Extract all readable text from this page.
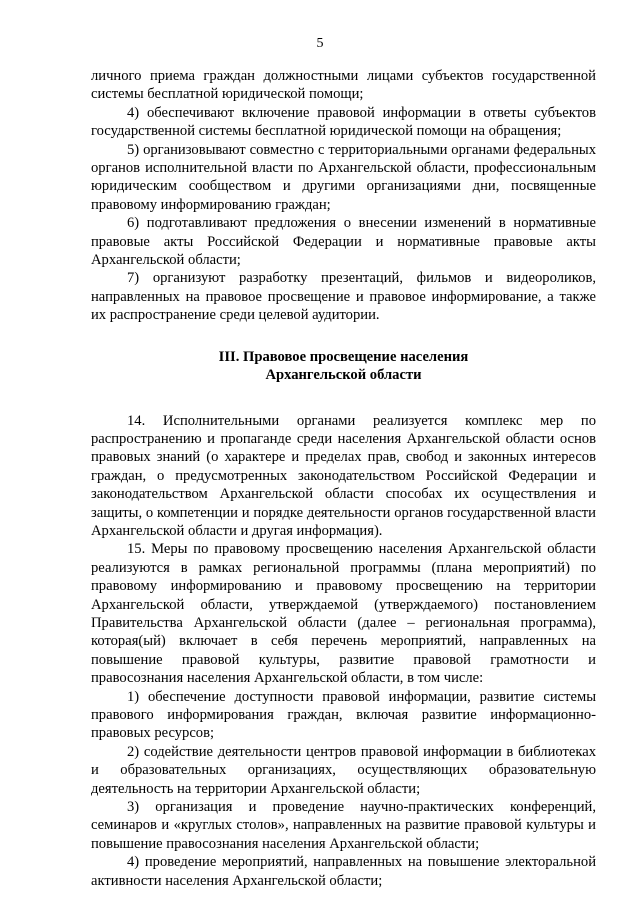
5

личного приема граждан должностными лицами субъектов государственной системы бесплатной юридической помощи;

4) обеспечивают включение правовой информации в ответы субъектов государственной системы бесплатной юридической помощи на обращения;

5) организовывают совместно с территориальными органами федеральных органов исполнительной власти по Архангельской области, профессиональным юридическим сообществом и другими организациями дни, посвященные правовому информированию граждан;

6) подготавливают предложения о внесении изменений в нормативные правовые акты Российской Федерации и нормативные правовые акты Архангельской области;

7) организуют разработку презентаций, фильмов и видеороликов, направленных на правовое просвещение и правовое информирование, а также их распространение среди целевой аудитории.

III. Правовое просвещение населения
Архангельской области

14. Исполнительными органами реализуется комплекс мер по распространению и пропаганде среди населения Архангельской области основ правовых знаний (о характере и пределах прав, свобод и законных интересов граждан, о предусмотренных законодательством Российской Федерации и законодательством Архангельской области способах их осуществления и защиты, о компетенции и порядке деятельности органов государственной власти Архангельской области и другая информация).

15. Меры по правовому просвещению населения Архангельской области реализуются в рамках региональной программы (плана мероприятий) по правовому информированию и правовому просвещению на территории Архангельской области, утверждаемой (утверждаемого) постановлением Правительства Архангельской области (далее – региональная программа), которая(ый) включает в себя перечень мероприятий, направленных на повышение правовой культуры, развитие правовой грамотности и правосознания населения Архангельской области, в том числе:

1) обеспечение доступности правовой информации, развитие системы правового информирования граждан, включая развитие информационно-правовых ресурсов;

2) содействие деятельности центров правовой информации в библиотеках и образовательных организациях, осуществляющих образовательную деятельность на территории Архангельской области;

3) организация и проведение научно-практических конференций, семинаров и «круглых столов», направленных на развитие правовой культуры и повышение правосознания населения Архангельской области;

4) проведение мероприятий, направленных на повышение электоральной активности населения Архангельской области;
